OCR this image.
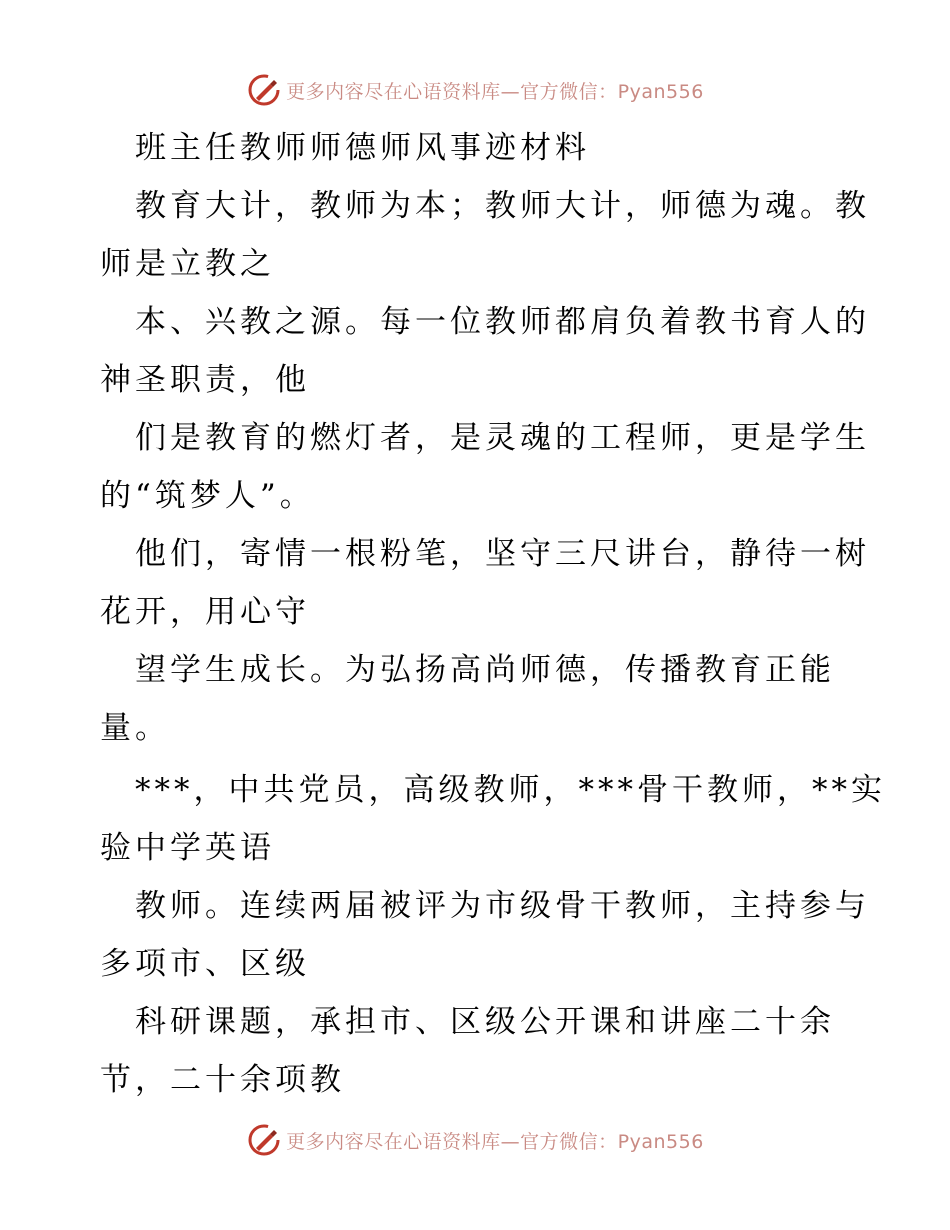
更多内容尽在心语资料库—官方微信：Pyan556
班主任教师师德师风事迹材料
教育大计，教师为本；教师大计，师德为魂。教
师是立教之
本、兴教之源。每一位教师都肩负着教书育人的
神圣职责，他
们是教育的燃灯者，是灵魂的工程师，更是学生
的“筑梦人”。
他们，寄情一根粉笔，坚守三尺讲台，静待一树
花开，用心守
望学生成长。为弘扬高尚师德，传播教育正能
量。
***，中共党员，高级教师，***骨干教师，**实
验中学英语
教师。连续两届被评为市级骨干教师，主持参与
多项市、区级
科研课题，承担市、区级公开课和讲座二十余
节，二十余项教
更多内容尽在心语资料库—官方微信：Pyan556
